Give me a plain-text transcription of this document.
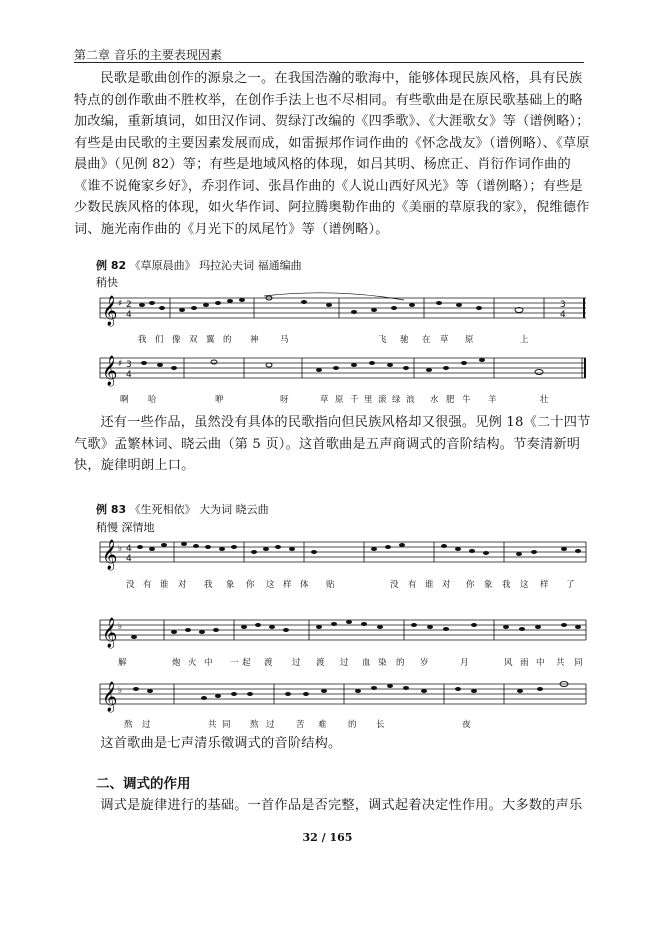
第二章 音乐的主要表现因素

民歌是歌曲创作的源泉之一。在我国浩瀚的歌海中，能够体现民族风格，具有民族特点的创作歌曲不胜枚举，在创作手法上也不尽相同。有些歌曲是在原民歌基础上的略加改编，重新填词，如田汉作词、贺绿汀改编的《四季歌》、《大涯歌女》等（谱例略）；有些是由民歌的主要因素发展而成，如雷振邦作词作曲的《怀念战友》（谱例略）、《草原晨曲》（见例 82）等；有些是地域风格的体现，如吕其明、杨庶正、肖衍作词作曲的《谁不说俺家乡好》，乔羽作词、张昌作曲的《人说山西好风光》等（谱例略）；有些是少数民族风格的体现，如火华作词、阿拉腾奥勒作曲的《美丽的草原我的家》，倪维德作词、施光南作曲的《月光下的凤尾竹》等（谱例略）。

例 82 《草原晨曲》 玛拉沁夫词 福通编曲
稍快
𝄞 ♯ 2
4
3
4
我 们 像 双 翼 的 神	马	飞 驰 在 草 原	上
𝄞 ♯ 3
4
啊 哈	咿	呀	草 原 千 里 滚 绿 浪 水 肥 牛 羊	壮

还有一些作品，虽然没有具体的民歌指向但民族风格却又很强。见例 18《二十四节气歌》孟繁林词、晓云曲（第 5 页）。这首歌曲是五声商调式的音阶结构。节奏清新明快，旋律明朗上口。

例 83 《生死相依》 大为词 晓云曲
稍慢 深情地
𝄞 ♭ 4
4
没 有 谁 对 我 象 你 这 样 体 贴	没 有 谁 对 你 象 我 这 样 了
𝄞 ♭
解	炮 火 中 一 起 渡 过 渡 过 血 染 的 岁	月	风 雨 中 共 同
𝄞 ♭
熬 过	共 同 熬 过	苦 难	的 长	夜

这首歌曲是七声清乐徵调式的音阶结构。

二、调式的作用

调式是旋律进行的基础。一首作品是否完整，调式起着决定性作用。大多数的声乐

32 / 165
